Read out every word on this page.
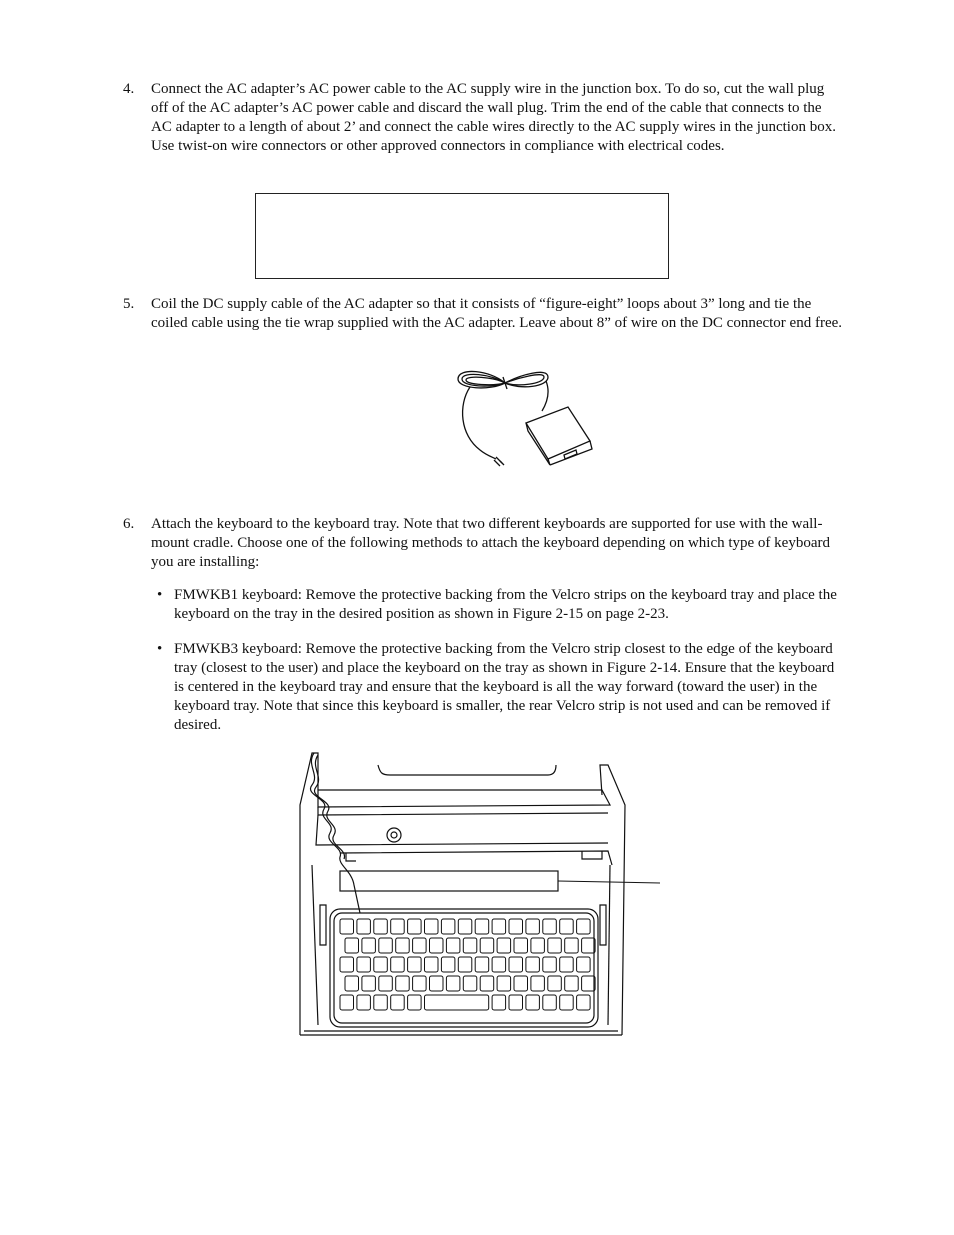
4.	Connect the AC adapter’s AC power cable to the AC supply wire in the junction box. To do so, cut the wall plug off of the AC adapter’s AC power cable and discard the wall plug. Trim the end of the cable that connects to the AC adapter to a length of about 2’ and connect the cable wires directly to the AC supply wires in the junction box. Use twist-on wire connectors or other approved connectors in compliance with electrical codes.
5.	Coil the DC supply cable of the AC adapter so that it consists of “figure-eight” loops about 3” long and tie the coiled cable using the tie wrap supplied with the AC adapter. Leave about 8” of wire on the DC connector end free.
6.	Attach the keyboard to the keyboard tray. Note that two different keyboards are supported for use with the wall-mount cradle. Choose one of the following methods to attach the keyboard depending on which type of keyboard you are installing:
• FMWKB1 keyboard: Remove the protective backing from the Velcro strips on the keyboard tray and place the keyboard on the tray in the desired position as shown in Figure 2-15 on page 2-23.
• FMWKB3 keyboard: Remove the protective backing from the Velcro strip closest to the edge of the keyboard tray (closest to the user) and place the keyboard on the tray as shown in Figure 2-14. Ensure that the keyboard is centered in the keyboard tray and ensure that the keyboard is all the way forward (toward the user) in the keyboard tray. Note that since this keyboard is smaller, the rear Velcro strip is not used and can be removed if desired.
